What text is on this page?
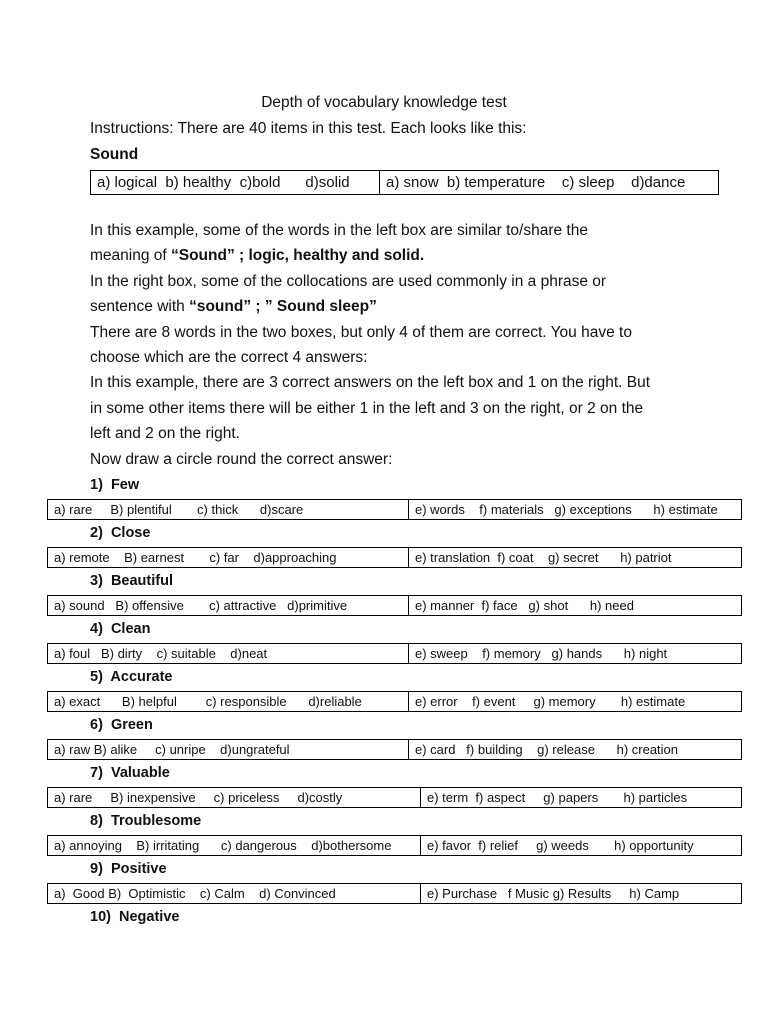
Depth of vocabulary knowledge test
Instructions: There are 40 items in this test. Each looks like this:
Sound
a) logical  b) healthy  c)bold      d)solid	a) snow  b) temperature    c) sleep    d)dance
In this example, some of the words in the left box are similar to/share the
meaning of “Sound” ; logic, healthy and solid.
In the right box, some of the collocations are used commonly in a phrase or
sentence with “sound” ; ” Sound sleep”
There are 8 words in the two boxes, but only 4 of them are correct. You have to
choose which are the correct 4 answers:
In this example, there are 3 correct answers on the left box and 1 on the right. But
in some other items there will be either 1 in the left and 3 on the right, or 2 on the
left and 2 on the right.
Now draw a circle round the correct answer:
1)  Few
a) rare     B) plentiful       c) thick      d)scare	e) words    f) materials   g) exceptions      h) estimate
2)  Close
a) remote    B) earnest       c) far    d)approaching	e) translation  f) coat    g) secret      h) patriot
3)  Beautiful
a) sound   B) offensive       c) attractive   d)primitive	e) manner  f) face   g) shot      h) need
4)  Clean
a) foul   B) dirty    c) suitable    d)neat	e) sweep    f) memory   g) hands      h) night
5)  Accurate
a) exact      B) helpful        c) responsible      d)reliable	e) error    f) event     g) memory       h) estimate
6)  Green
a) raw B) alike     c) unripe    d)ungrateful	e) card   f) building    g) release      h) creation
7)  Valuable
a) rare     B) inexpensive     c) priceless     d)costly	e) term  f) aspect     g) papers       h) particles
8)  Troublesome
a) annoying    B) irritating      c) dangerous    d)bothersome	e) favor  f) relief     g) weeds       h) opportunity
9)  Positive
a)  Good B)  Optimistic    c) Calm    d) Convinced	e) Purchase   f Music g) Results     h) Camp
10)  Negative
